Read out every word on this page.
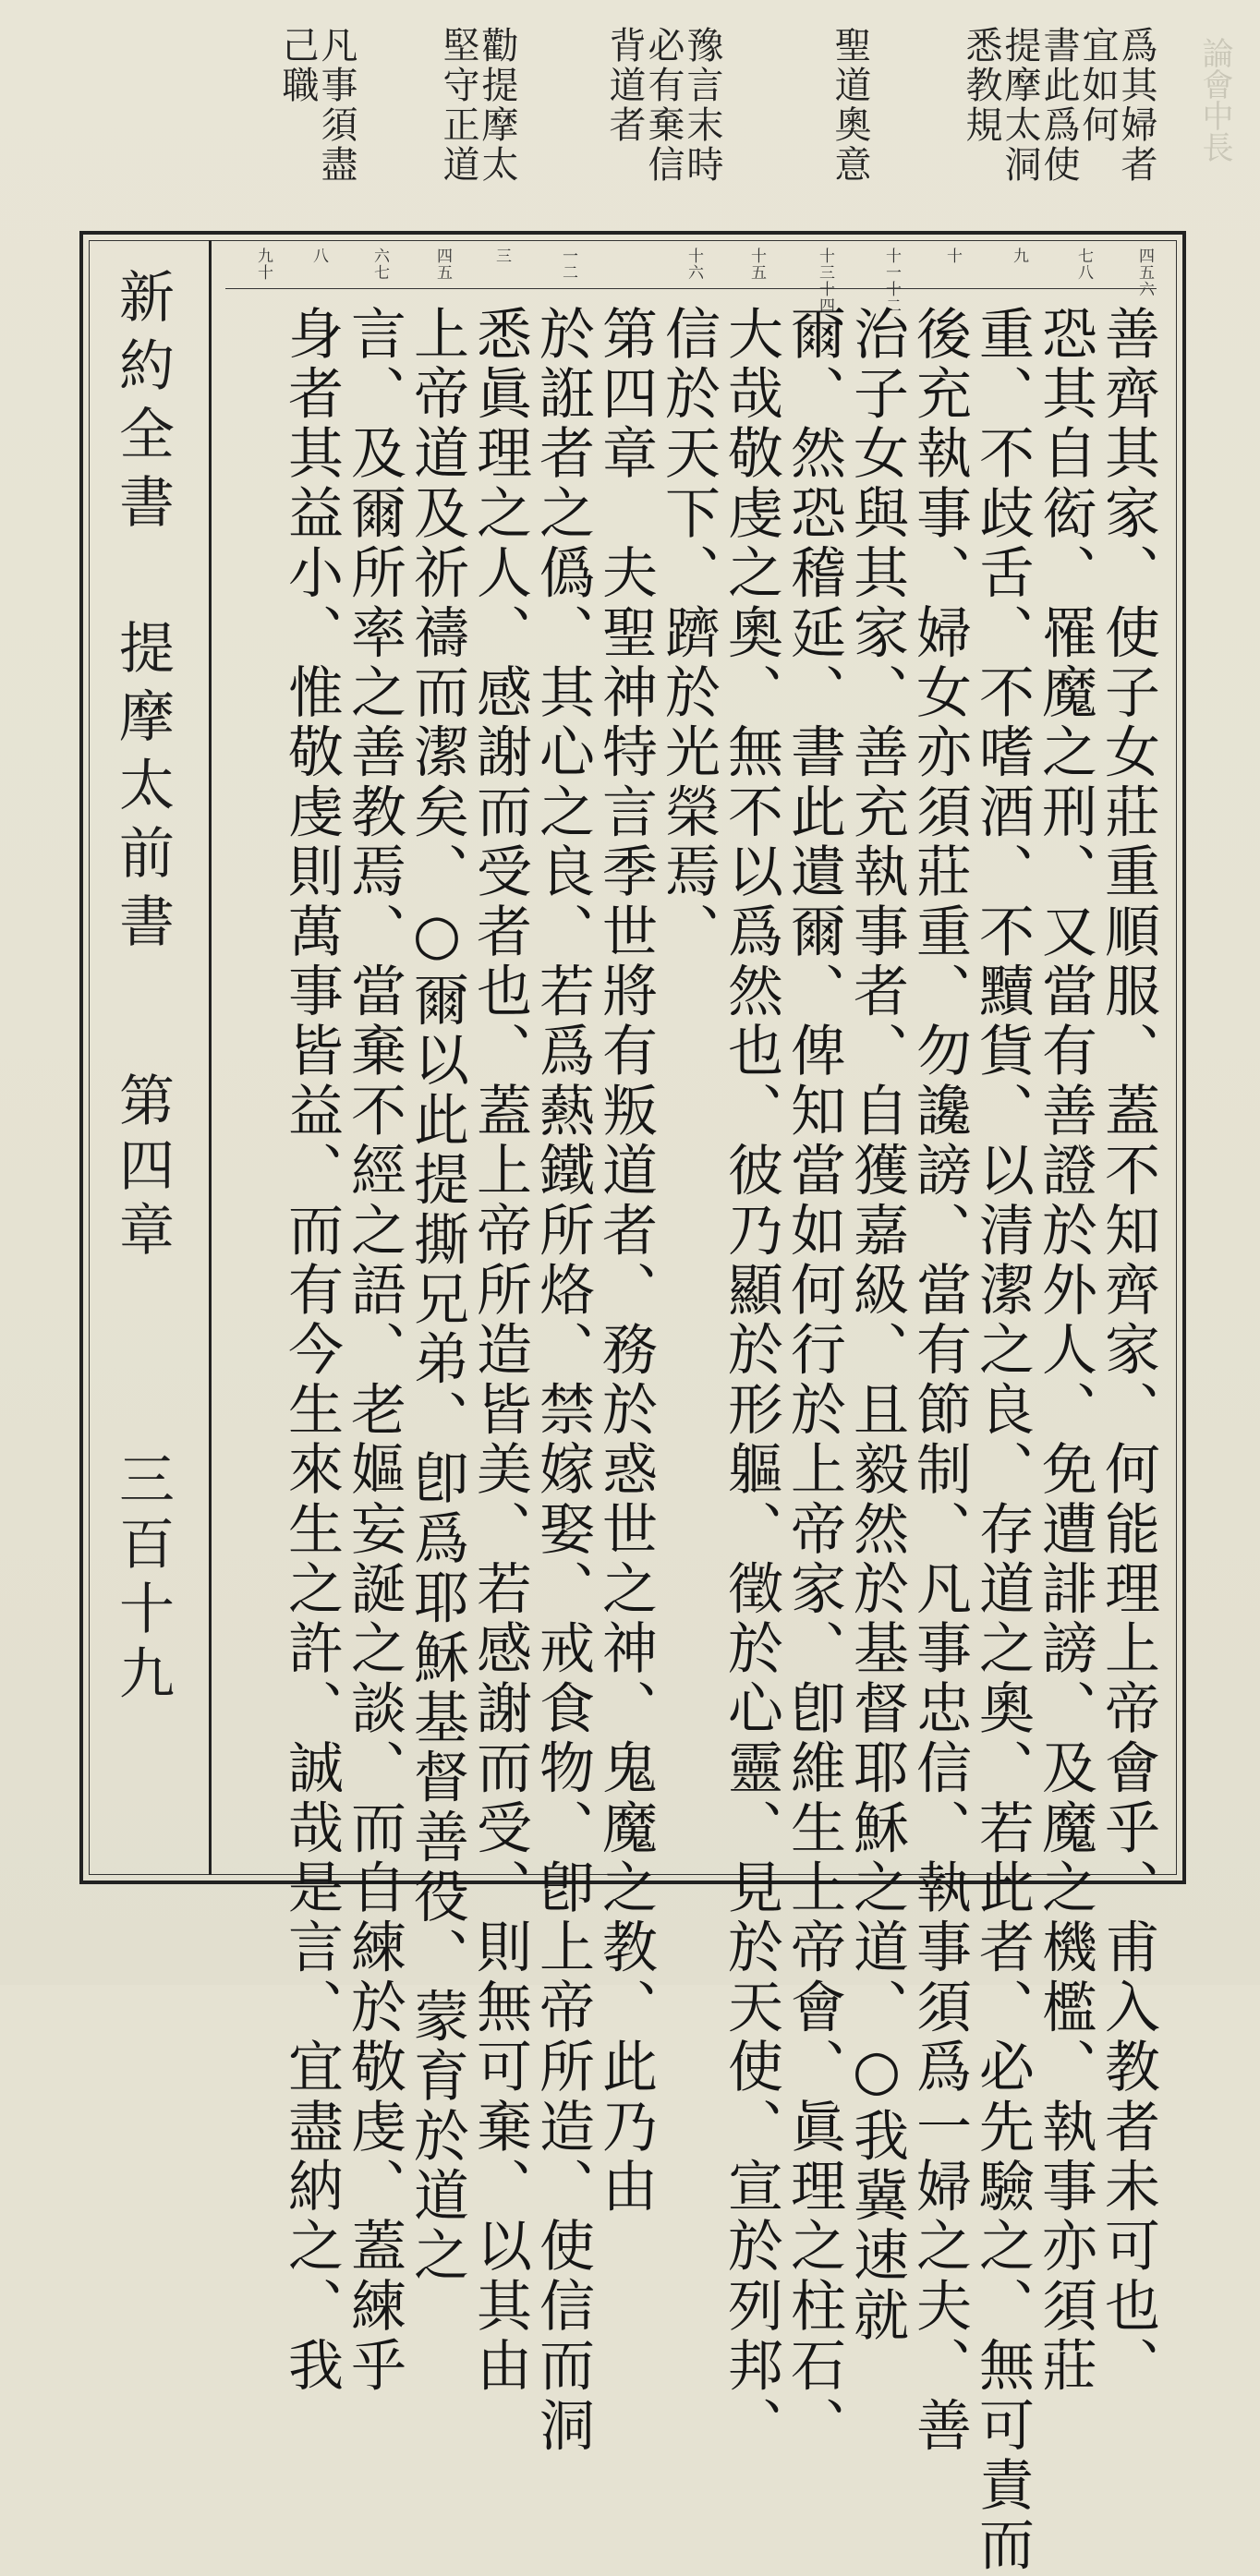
爲其婦者
宜如何
書此爲使
提摩太洞
悉教規
聖道奧意
豫言末時
必有棄信
背道者
勸提摩太
堅守正道
凡事須盡
己職	論會中長
新約全書
提摩太前書
第四章
三百十九
四五六
七八
九
十
十一十二
十三十四
十五
十六
一二
三
四五
六七
八
九十
善齊其家、使子女莊重順服、蓋不知齊家、何能理上帝會乎、甫入教者未可也、
恐其自衒、罹魔之刑、又當有善證於外人、免遭誹謗、及魔之機檻、執事亦須莊
重、不歧舌、不嗜酒、不黷貨、以清潔之良、存道之奧、若此者、必先驗之、無可責而
後充執事、婦女亦須莊重、勿讒謗、當有節制、凡事忠信、執事須爲一婦之夫、善
治子女與其家、善充執事者、自獲嘉級、且毅然於基督耶穌之道、○我冀速就
爾、然恐稽延、書此遺爾、俾知當如何行於上帝家、卽維生上帝會、眞理之柱石、
大哉敬虔之奧、無不以爲然也、彼乃顯於形軀、徵於心靈、見於天使、宣於列邦、
信於天下、躋於光榮焉、
第四章　夫聖神特言季世將有叛道者、務於惑世之神、鬼魔之教、此乃由
於誑者之僞、其心之良、若爲爇鐵所烙、禁嫁娶、戒食物、卽上帝所造、使信而洞
悉眞理之人、感謝而受者也、蓋上帝所造皆美、若感謝而受、則無可棄、以其由
上帝道及祈禱而潔矣、○爾以此提撕兄弟、卽爲耶穌基督善役、蒙育於道之
言、及爾所率之善教焉、當棄不經之語、老嫗妄誕之談、而自練於敬虔、蓋練乎
身者其益小、惟敬虔則萬事皆益、而有今生來生之許、誠哉是言、宜盡納之、我
